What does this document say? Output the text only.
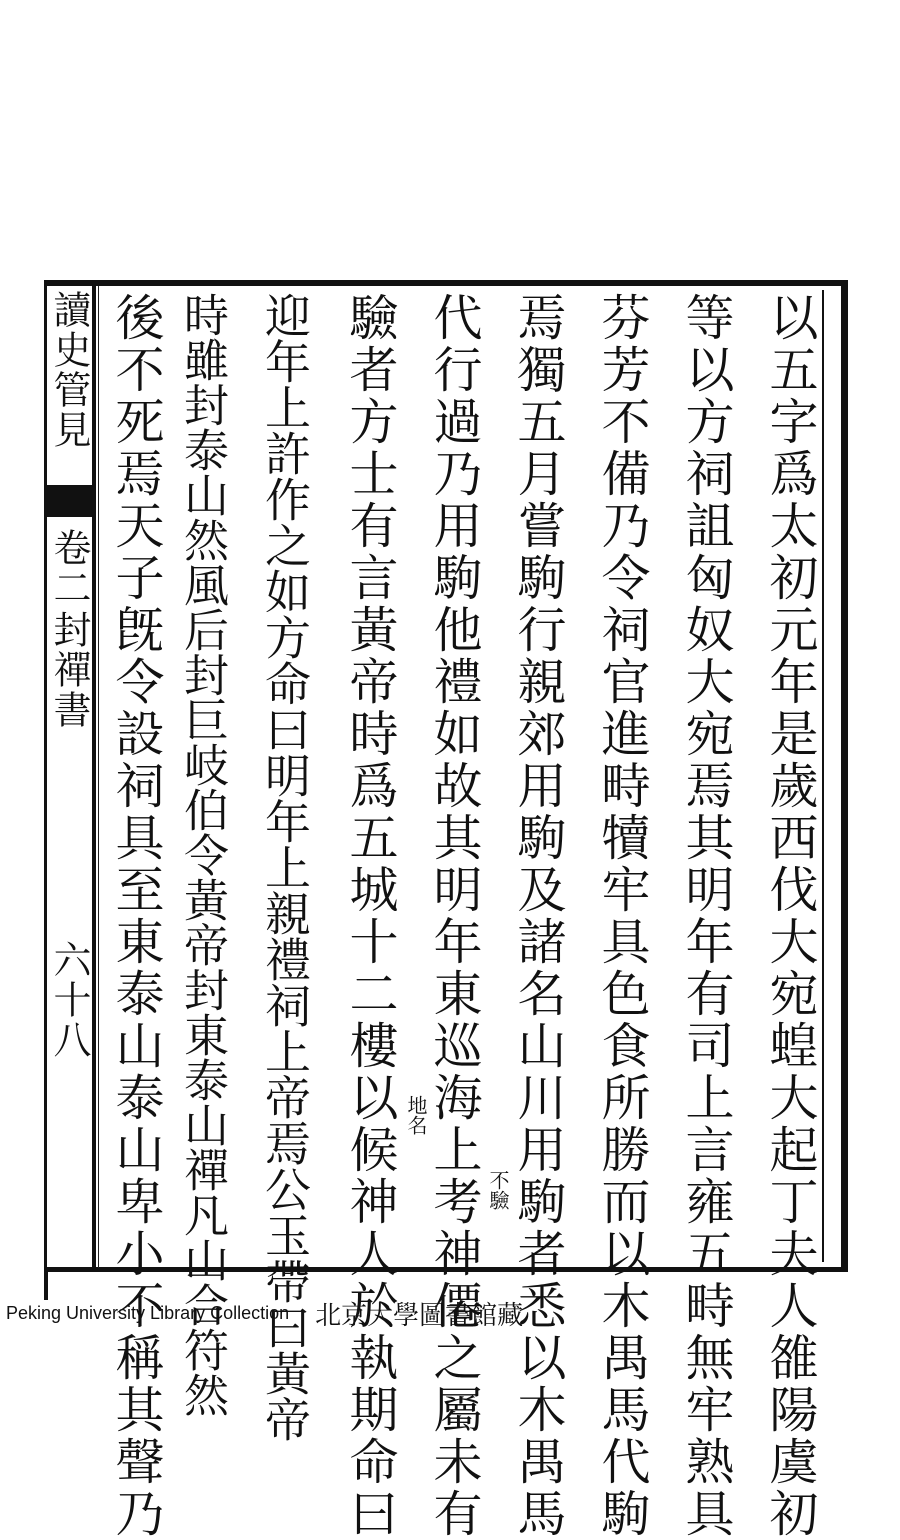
讀史管見
卷二
封禪書
六十八	以五字爲太初元年是歲西伐大宛蝗大起丁夫人雒陽虞初
等以方祠詛匈奴大宛焉其明年有司上言雍五畤無牢熟具
芬芳不備乃令祠官進畤犢牢具色食所勝而以木禺馬代駒
焉獨五月嘗駒行親郊用駒及諸名山川用駒者悉以木禺馬
代行過乃用駒他禮如故其明年東巡海上考神僊之屬未有
驗者方士有言黃帝時爲五城十二樓以候神人於執期命曰
迎年上許作之如方命曰明年上親禮祠上帝焉公玉帶曰黃帝
時雖封泰山然風后封巨岐伯令黃帝封東泰山禪凡山合符然
後不死焉天子旣令設祠具至東泰山泰山卑小不稱其聲乃	不驗
地名
Peking University Library Collection 北京大學圖書館藏
